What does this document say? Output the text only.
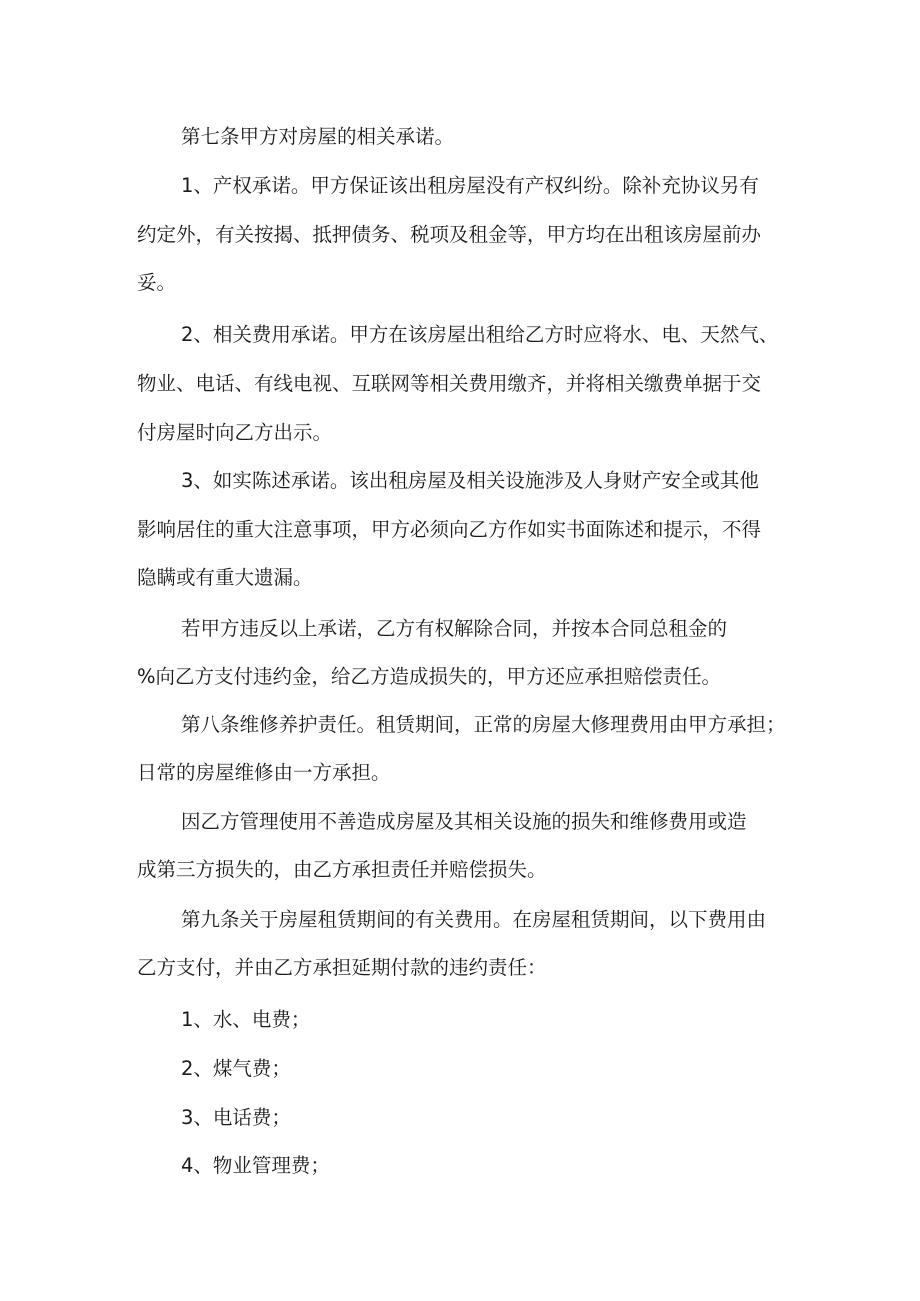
第七条甲方对房屋的相关承诺。

1、产权承诺。甲方保证该出租房屋没有产权纠纷。除补充协议另有

约定外，有关按揭、抵押债务、税项及租金等，甲方均在出租该房屋前办

妥。

2、相关费用承诺。甲方在该房屋出租给乙方时应将水、电、天然气、

物业、电话、有线电视、互联网等相关费用缴齐，并将相关缴费单据于交

付房屋时向乙方出示。

3、如实陈述承诺。该出租房屋及相关设施涉及人身财产安全或其他

影响居住的重大注意事项，甲方必须向乙方作如实书面陈述和提示，不得

隐瞒或有重大遗漏。

若甲方违反以上承诺，乙方有权解除合同，并按本合同总租金的

%向乙方支付违约金，给乙方造成损失的，甲方还应承担赔偿责任。

第八条维修养护责任。租赁期间，正常的房屋大修理费用由甲方承担；

日常的房屋维修由一方承担。

因乙方管理使用不善造成房屋及其相关设施的损失和维修费用或造

成第三方损失的，由乙方承担责任并赔偿损失。

第九条关于房屋租赁期间的有关费用。在房屋租赁期间，以下费用由

乙方支付，并由乙方承担延期付款的违约责任：

1、水、电费；

2、煤气费；

3、电话费；

4、物业管理费；
